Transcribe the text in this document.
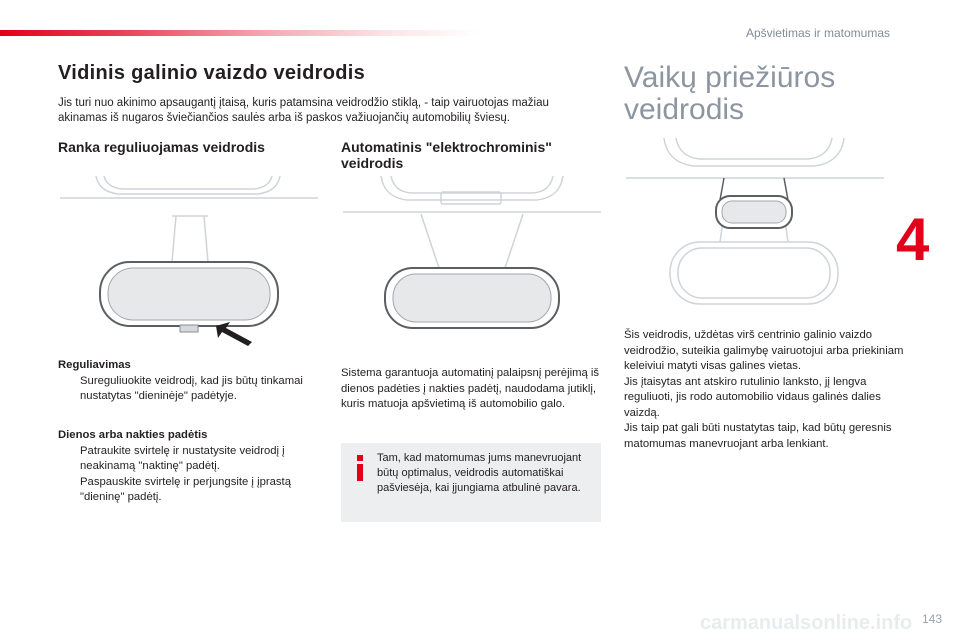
Apšvietimas ir matomumas
4
Vidinis galinio vaizdo veidrodis

Jis turi nuo akinimo apsaugantį įtaisą, kuris patamsina veidrodžio stiklą, - taip vairuotojas mažiau akinamas iš nugaros šviečiančios saulės arba iš paskos važiuojančių automobilių šviesų.

Vaikų priežiūros veidrodis
Ranka reguliuojamas veidrodis	Automatinis "elektrochrominis" veidrodis

Reguliavimas

Sureguliuokite veidrodį, kad jis būtų tinkamai nustatytas "dieninėje" padėtyje.

Dienos arba nakties padėtis

Patraukite svirtelę ir nustatysite veidrodį į neakinamą "naktinę" padėtį.
Paspauskite svirtelę ir perjungsite į įprastą "dieninę" padėtį.

Sistema garantuoja automatinį palaipsnį perėjimą iš dienos padėties į nakties padėtį, naudodama jutiklį, kuris matuoja apšvietimą iš automobilio galo.

Tam, kad matomumas jums manevruojant būtų optimalus, veidrodis automatiškai pašviesėja, kai įjungiama atbulinė pavara.
Šis veidrodis, uždėtas virš centrinio galinio vaizdo veidrodžio, suteikia galimybę vairuotojui arba priekiniam keleiviui matyti visas galines vietas.
Jis įtaisytas ant atskiro rutulinio lankstο, jį lengva reguliuoti, jis rodo automobilio vidaus galinės dalies vaizdą.
Jis taip pat gali būti nustatytas taip, kad būtų geresnis matomumas manevruojant arba lenkiant.
carmanualsonline.info 143
